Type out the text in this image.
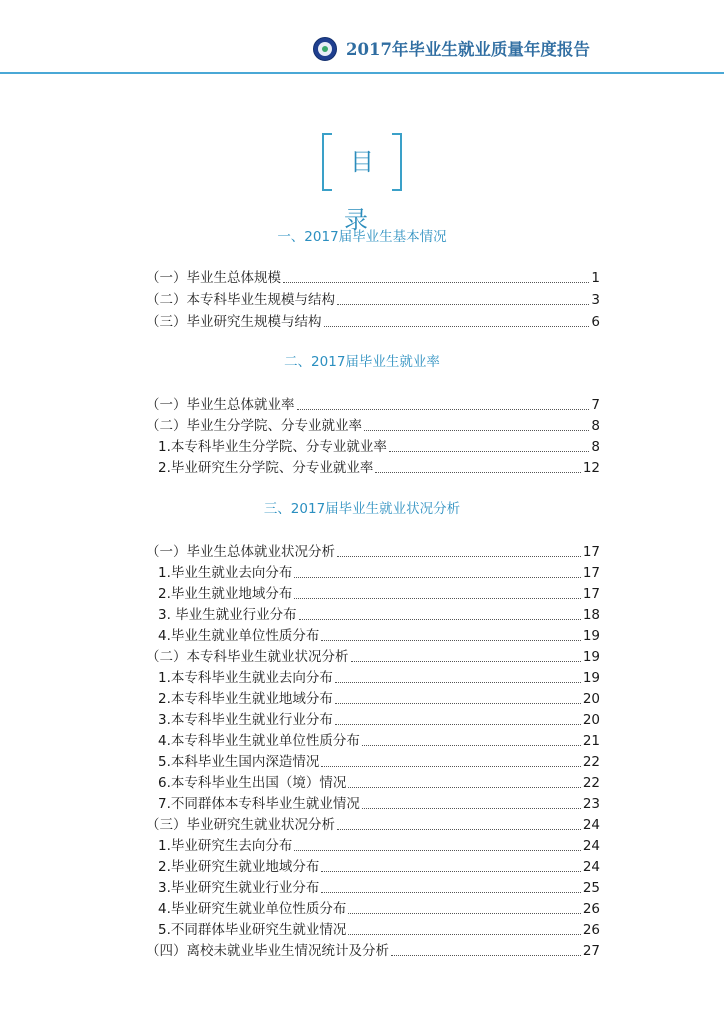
2017年毕业生就业质量年度报告
目录
一、2017届毕业生基本情况
（一）毕业生总体规模	1
（二）本专科毕业生规模与结构	3
（三）毕业研究生规模与结构	6
二、2017届毕业生就业率
（一）毕业生总体就业率	7
（二）毕业生分学院、分专业就业率	8
1.本专科毕业生分学院、分专业就业率	8
2.毕业研究生分学院、分专业就业率	12
三、2017届毕业生就业状况分析
（一）毕业生总体就业状况分析	17
1.毕业生就业去向分布	17
2.毕业生就业地域分布	17
3. 毕业生就业行业分布	18
4.毕业生就业单位性质分布	19
（二）本专科毕业生就业状况分析	19
1.本专科毕业生就业去向分布	19
2.本专科毕业生就业地域分布	20
3.本专科毕业生就业行业分布	20
4.本专科毕业生就业单位性质分布	21
5.本科毕业生国内深造情况	22
6.本专科毕业生出国（境）情况	22
7.不同群体本专科毕业生就业情况	23
（三）毕业研究生就业状况分析	24
1.毕业研究生去向分布	24
2.毕业研究生就业地域分布	24
3.毕业研究生就业行业分布	25
4.毕业研究生就业单位性质分布	26
5.不同群体毕业研究生就业情况	26
（四）离校未就业毕业生情况统计及分析	27
